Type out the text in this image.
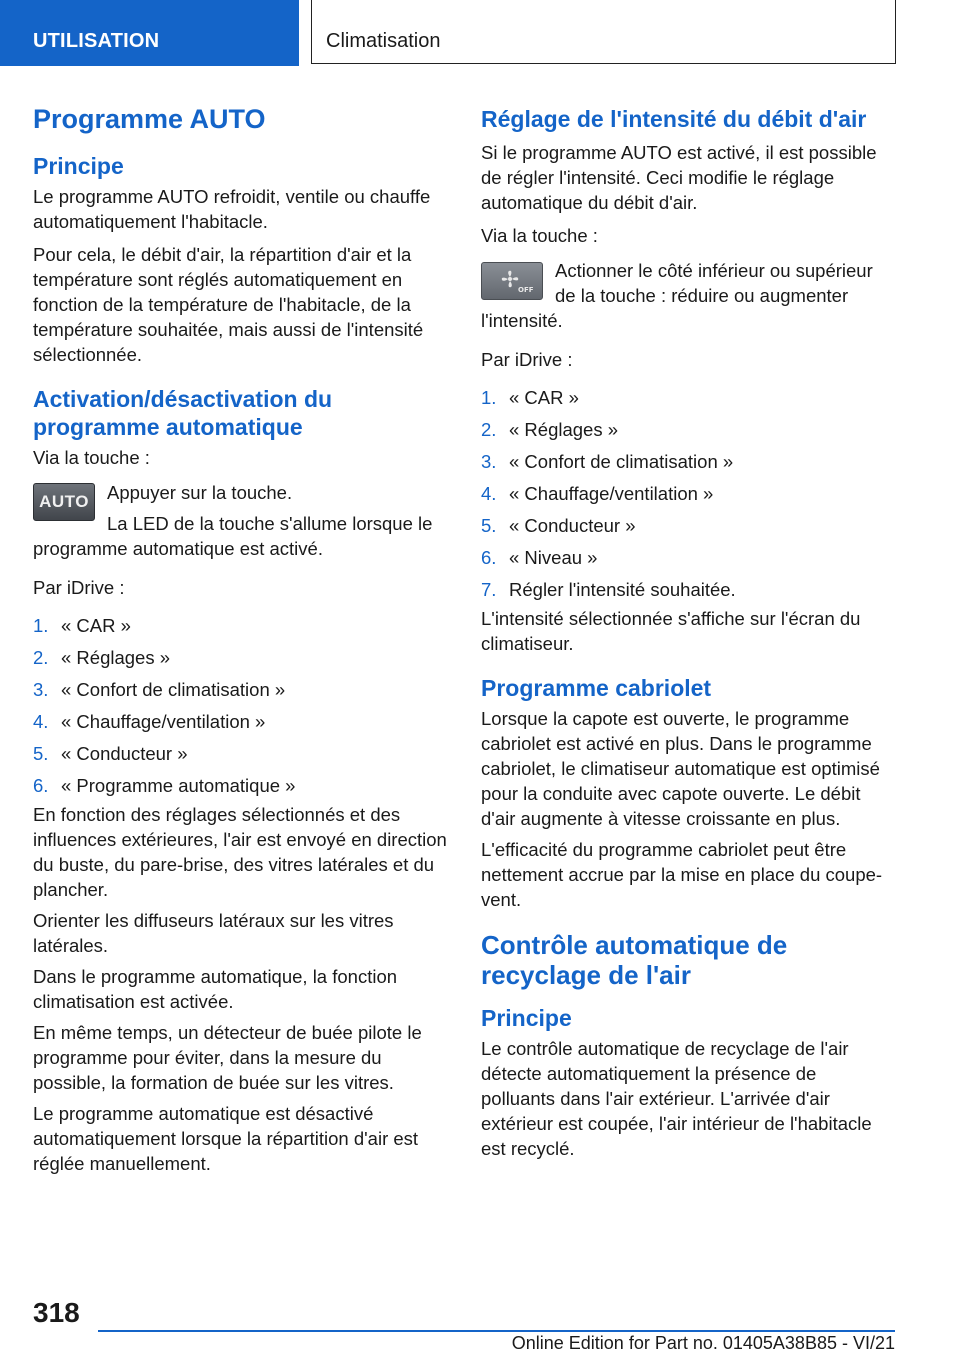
UTILISATION	Climatisation
Programme AUTO
Principe

Le programme AUTO refroidit, ventile ou chauffe automatiquement l'habitacle.

Pour cela, le débit d'air, la répartition d'air et la température sont réglés automatiquement en fonction de la température de l'habitacle, de la température souhaitée, mais aussi de l'intensité sélectionnée.

Activation/désactivation du programme automatique

Via la touche :

AUTO Appuyer sur la touche.

La LED de la touche s'allume lorsque le programme automatique est activé.

Par iDrive :

1. « CAR »
2. « Réglages »
3. « Confort de climatisation »
4. « Chauffage/ventilation »
5. « Conducteur »
6. « Programme automatique »

En fonction des réglages sélectionnés et des influences extérieures, l'air est envoyé en direction du buste, du pare-brise, des vitres latérales et du plancher.

Orienter les diffuseurs latéraux sur les vitres latérales.

Dans le programme automatique, la fonction climatisation est activée.

En même temps, un détecteur de buée pilote le programme pour éviter, dans la mesure du possible, la formation de buée sur les vitres.

Le programme automatique est désactivé automatiquement lorsque la répartition d'air est réglée manuellement.

Réglage de l'intensité du débit d'air

Si le programme AUTO est activé, il est possible de régler l'intensité. Ceci modifie le réglage automatique du débit d'air.

Via la touche :

OFF

Actionner le côté inférieur ou supérieur de la touche : réduire ou augmenter l'intensité.

Par iDrive :

1. « CAR »
2. « Réglages »
3. « Confort de climatisation »
4. « Chauffage/ventilation »
5. « Conducteur »
6. « Niveau »
7. Régler l'intensité souhaitée.

L'intensité sélectionnée s'affiche sur l'écran du climatiseur.

Programme cabriolet

Lorsque la capote est ouverte, le programme cabriolet est activé en plus. Dans le programme cabriolet, le climatiseur automatique est optimisé pour la conduite avec capote ouverte. Le débit d'air augmente à vitesse croissante en plus.

L'efficacité du programme cabriolet peut être nettement accrue par la mise en place du coupe-vent.

Contrôle automatique de recyclage de l'air
Principe

Le contrôle automatique de recyclage de l'air détecte automatiquement la présence de polluants dans l'air extérieur. L'arrivée d'air extérieur est coupée, l'air intérieur de l'habitacle est recyclé.

318
Online Edition for Part no. 01405A38B85 - VI/21
